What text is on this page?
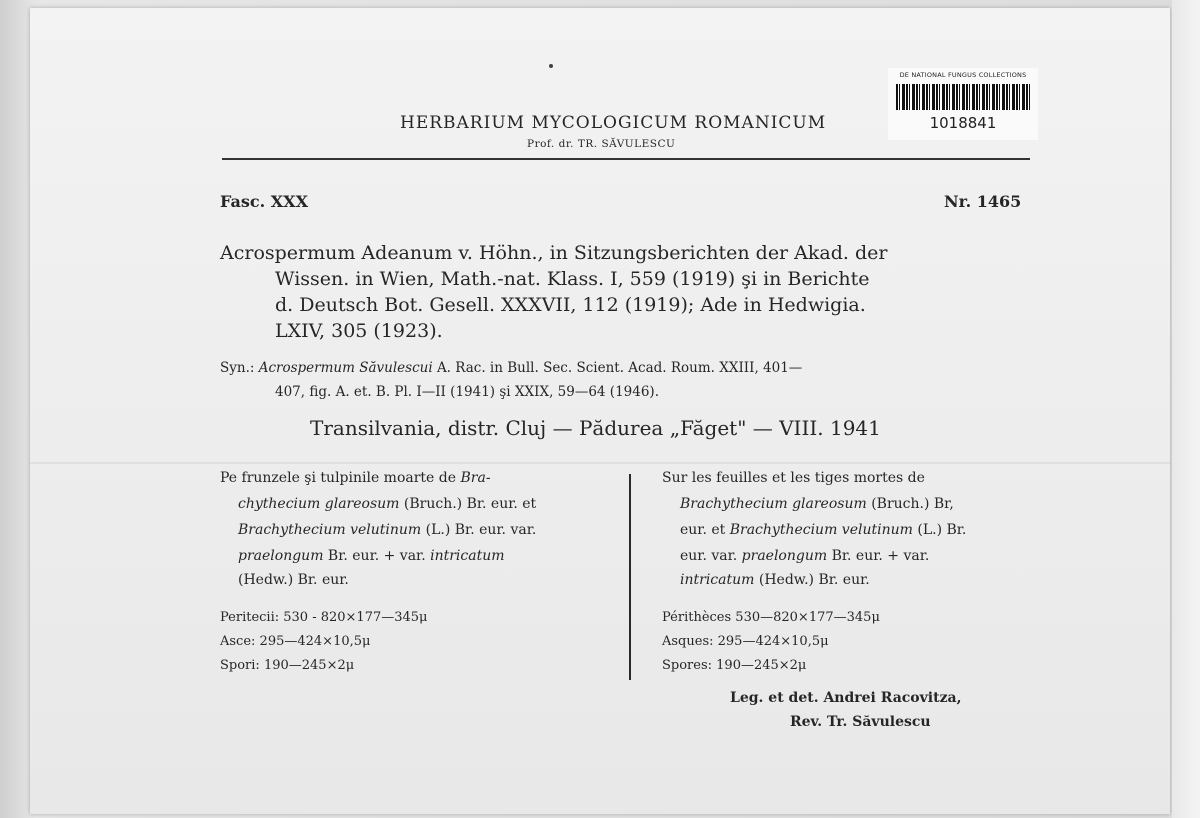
DE NATIONAL FUNGUS COLLECTIONS
1018841
HERBARIUM MYCOLOGICUM ROMANICUM
Prof. dr. TR. SĂVULESCU
Fasc. XXX	Nr. 1465
Acrospermum Adeanum v. Höhn., in Sitzungsberichten der Akad. der
Wissen. in Wien, Math.-nat. Klass. I, 559 (1919) şi in Berichte
d. Deutsch Bot. Gesell. XXXVII, 112 (1919); Ade in Hedwigia.
LXIV, 305 (1923).
Syn.: Acrospermum Săvulescui A. Rac. in Bull. Sec. Scient. Acad. Roum. XXIII, 401—
407, fig. A. et. B. Pl. I—II (1941) şi XXIX, 59—64 (1946).
Transilvania, distr. Cluj — Pădurea „Făget" — VIII. 1941
Pe frunzele şi tulpinile moarte de Bra-
chythecium glareosum (Bruch.) Br. eur. et
Brachythecium velutinum (L.) Br. eur. var.
praelongum Br. eur. + var. intricatum
(Hedw.) Br. eur.
Peritecii: 530 - 820×177—345μ
Asce: 295—424×10,5μ
Spori: 190—245×2μ
Sur les feuilles et les tiges mortes de
Brachythecium glareosum (Bruch.) Br,
eur. et Brachythecium velutinum (L.) Br.
eur. var. praelongum Br. eur. + var.
intricatum (Hedw.) Br. eur.
Périthèces 530—820×177—345μ
Asques: 295—424×10,5μ
Spores: 190—245×2μ
Leg. et det. Andrei Racovitza,
Rev. Tr. Săvulescu
